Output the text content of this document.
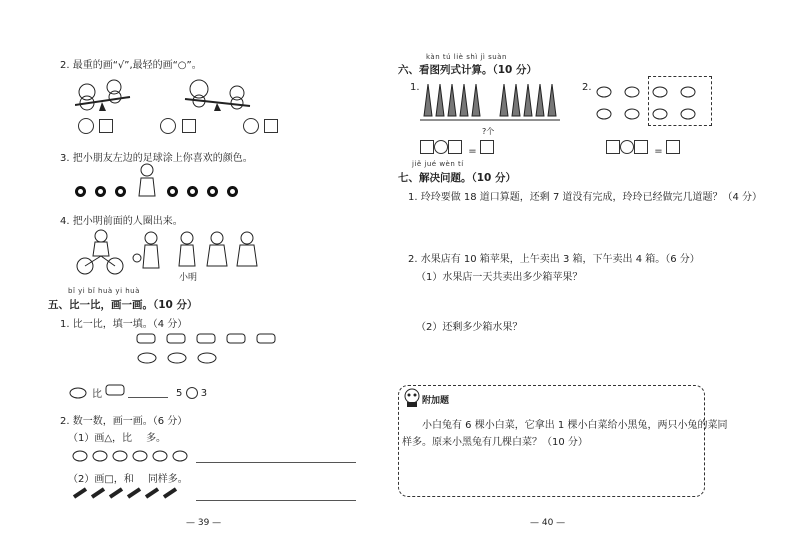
2. 最重的画“√”,最轻的画“○”。

3. 把小朋友左边的足球涂上你喜欢的颜色。
4. 把小明前面的人圈出来。
小明
bǐ yi bǐ huà yi huà
五、比一比，画一画。（10 分）
1. 比一比，填一填。（4 分）
比	5 3
2. 数一数，画一画。（6 分）
（1）画△，比 多。
（2）画□，和 同样多。
— 39 —
kàn tú liè shì jì suàn
六、看图列式计算。（10 分）
1.
?个
=
2.
=
jiě jué wèn tí
七、解决问题。（10 分）
1. 玲玲要做 18 道口算题，还剩 7 道没有完成，玲玲已经做完几道题？（4 分）
2. 水果店有 10 箱苹果，上午卖出 3 箱，下午卖出 4 箱。（6 分）
（1）水果店一天共卖出多少箱苹果？
（2）还剩多少箱水果？
附加题
小白兔有 6 棵小白菜，它拿出 1 棵小白菜给小黑兔，两只小兔的菜同
样多。原来小黑兔有几棵白菜？（10 分）
— 40 —
